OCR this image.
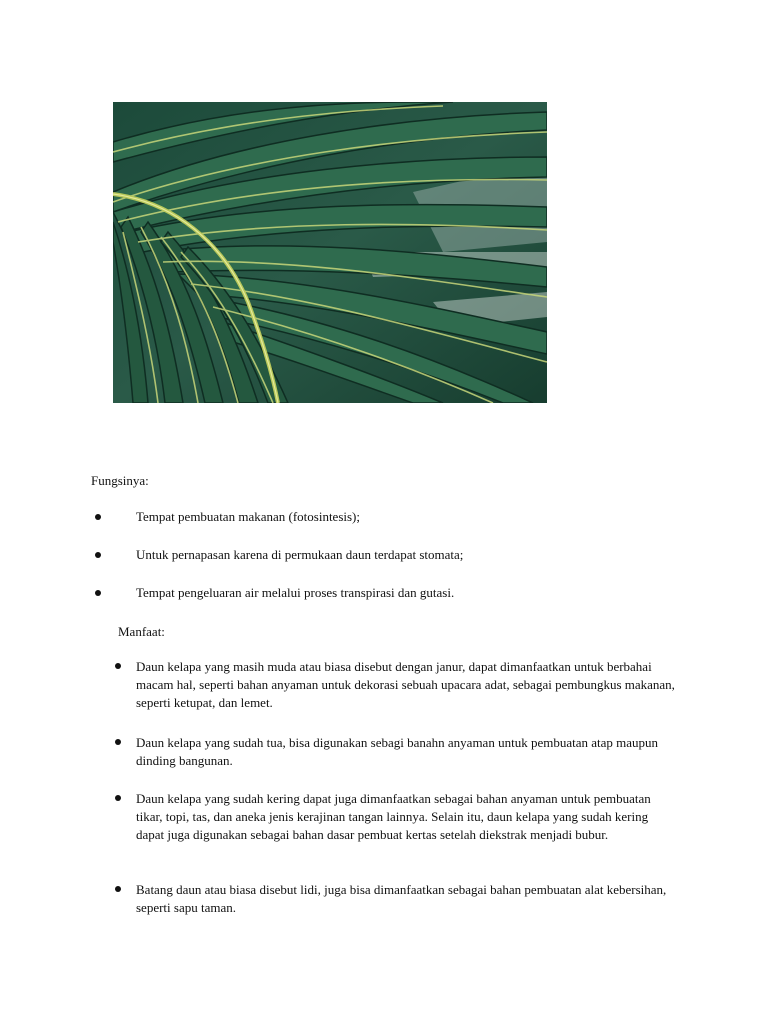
Fungsinya:
Tempat pembuatan makanan (fotosintesis);
Untuk pernapasan karena di permukaan daun terdapat stomata;
Tempat pengeluaran air melalui proses transpirasi dan gutasi.
Manfaat:
Daun kelapa yang masih muda atau biasa disebut dengan janur, dapat dimanfaatkan untuk berbahai macam hal, seperti bahan anyaman untuk dekorasi sebuah upacara adat, sebagai pembungkus makanan, seperti ketupat, dan lemet.
Daun kelapa yang sudah tua, bisa digunakan sebagi banahn anyaman untuk pembuatan atap maupun dinding bangunan.
Daun kelapa yang sudah kering dapat juga dimanfaatkan sebagai bahan anyaman untuk pembuatan tikar, topi, tas, dan aneka jenis kerajinan tangan lainnya. Selain itu, daun kelapa yang sudah kering dapat juga digunakan sebagai bahan dasar pembuat kertas setelah diekstrak menjadi bubur.
Batang daun atau biasa disebut lidi, juga bisa dimanfaatkan sebagai bahan pembuatan alat kebersihan, seperti sapu taman.
